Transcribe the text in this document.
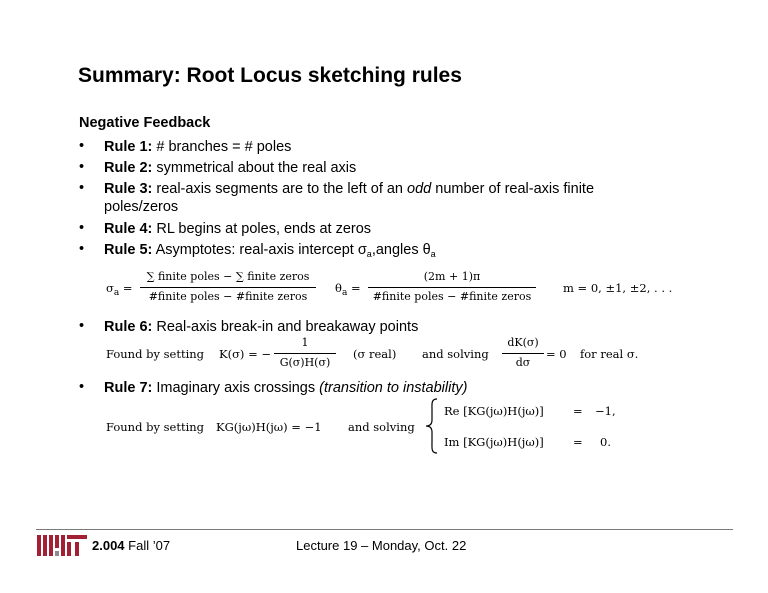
Summary: Root Locus sketching rules
Negative Feedback
• Rule 1: # branches = # poles
• Rule 2: symmetrical about the real axis
• Rule 3: real-axis segments are to the left of an odd number of real-axis finite
poles/zeros
• Rule 4: RL begins at poles, ends at zeros
• Rule 5: Asymptotes: real-axis intercept $\sigma_a,angles$ $\theta_a$
$\sigma_a$ =
∑ finite poles − ∑ finite zeros
#finite poles − #finite zeros
$\theta_a$ =
(2m + 1)π
#finite poles − #finite zeros
m = 0, ±1, ±2, . . .
• Rule 6: Real-axis break-in and breakaway points
Found by setting K(σ) = −
1
G(σ)H(σ)
(σ real) and solving
dK(σ)
dσ
= 0 for real σ.
• Rule 7: Imaginary axis crossings (transition to instability)
Found by setting KG(jω)H(jω) = −1 and solving
Re [KG(jω)H(jω)]	= −1,
Im [KG(jω)H(jω)]	= 0.
2.004 Fall ’07	Lecture 19 – Monday, Oct. 22
